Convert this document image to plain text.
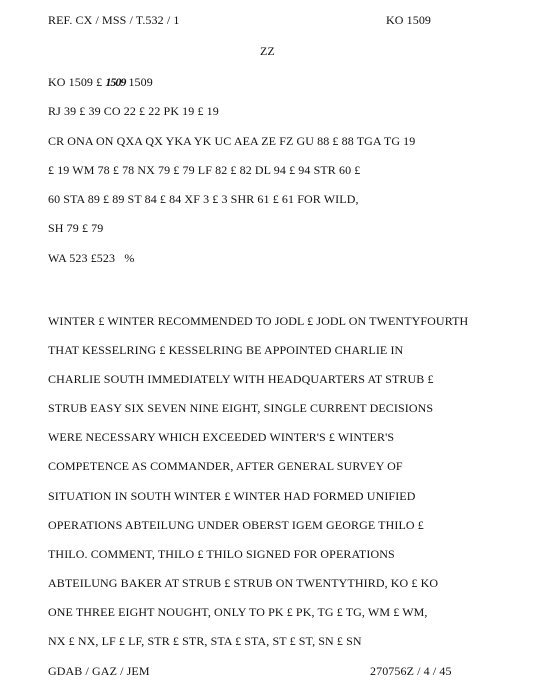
REF. CX / MSS / T.532 / 1	KO 1509
ZZ
KO 1509 £ 1509 1509
RJ 39 £ 39 CO 22 £ 22 PK 19 £ 19
CR ONA ON QXA QX YKA YK UC AEA ZE FZ GU 88 £ 88 TGA TG 19
£ 19 WM 78 £ 78 NX 79 £ 79 LF 82 £ 82 DL 94 £ 94 STR 60 £
60 STA 89 £ 89 ST 84 £ 84 XF 3 £ 3 SHR 61 £ 61 FOR WILD,
SH 79 £ 79
WA 523 £523   %
WINTER £ WINTER RECOMMENDED TO JODL £ JODL ON TWENTYFOURTH
THAT KESSELRING £ KESSELRING BE APPOINTED CHARLIE IN
CHARLIE SOUTH IMMEDIATELY WITH HEADQUARTERS AT STRUB £
STRUB EASY SIX SEVEN NINE EIGHT, SINGLE CURRENT DECISIONS
WERE NECESSARY WHICH EXCEEDED WINTER'S £ WINTER'S
COMPETENCE AS COMMANDER, AFTER GENERAL SURVEY OF
SITUATION IN SOUTH WINTER £ WINTER HAD FORMED UNIFIED
OPERATIONS ABTEILUNG UNDER OBERST IGEM GEORGE THILO £
THILO. COMMENT, THILO £ THILO SIGNED FOR OPERATIONS
ABTEILUNG BAKER AT STRUB £ STRUB ON TWENTYTHIRD, KO £ KO
ONE THREE EIGHT NOUGHT, ONLY TO PK £ PK, TG £ TG, WM £ WM,
NX £ NX, LF £ LF, STR £ STR, STA £ STA, ST £ ST, SN £ SN
GDAB / GAZ / JEM	270756Z / 4 / 45
